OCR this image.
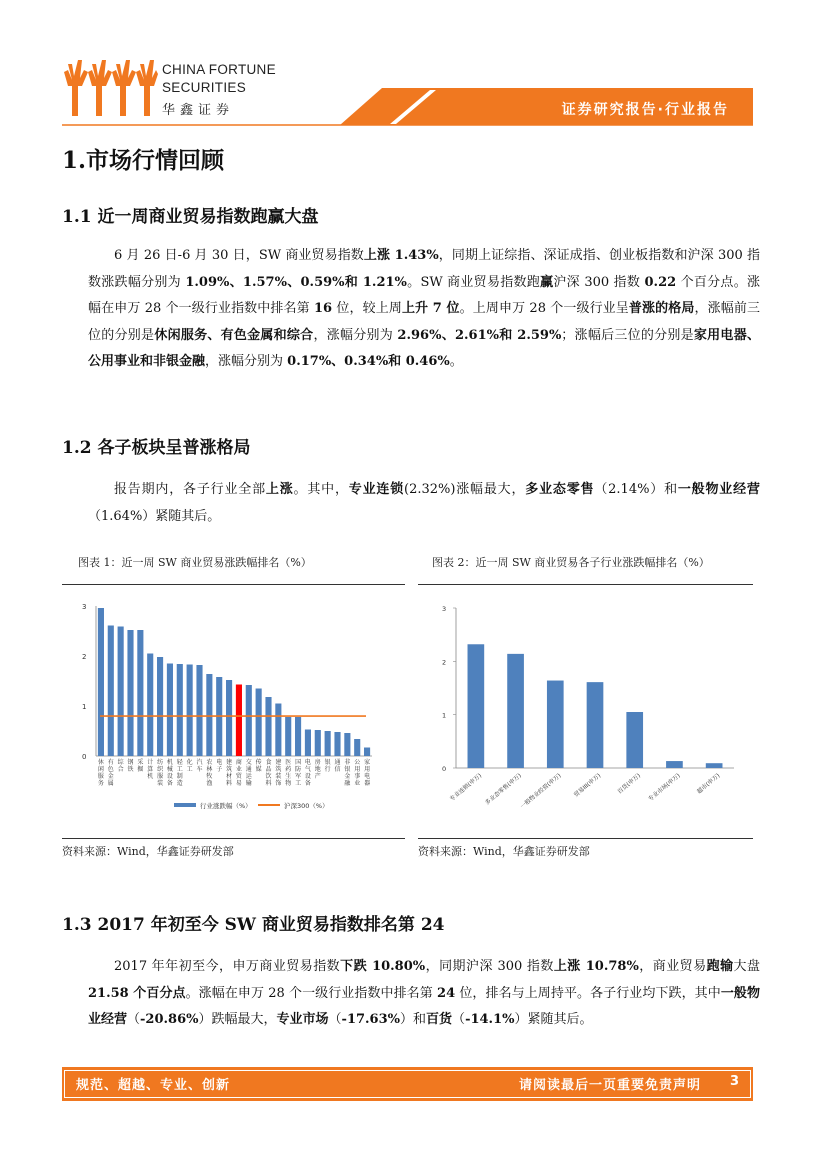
CHINA FORTUNE
SECURITIES
华鑫证券	证券研究报告·行业报告
1.市场行情回顾
1.1 近一周商业贸易指数跑赢大盘
6 月 26 日-6 月 30 日，SW 商业贸易指数上涨 1.43%，同期上证综指、深证成指、创业板指数和沪深 300 指数涨跌幅分别为 1.09%、1.57%、0.59%和 1.21%。SW 商业贸易指数跑赢沪深 300 指数 0.22 个百分点。涨幅在申万 28 个一级行业指数中排名第 16 位，较上周上升 7 位。上周申万 28 个一级行业呈普涨的格局，涨幅前三位的分别是休闲服务、有色金属和综合，涨幅分别为 2.96%、2.61%和 2.59%；涨幅后三位的分别是家用电器、公用事业和非银金融，涨幅分别为 0.17%、0.34%和 0.46%。
1.2 各子板块呈普涨格局
报告期内，各子行业全部上涨。其中，专业连锁(2.32%)涨幅最大，多业态零售（2.14%）和一般物业经营（1.64%）紧随其后。
图表 1：近一周 SW 商业贸易涨跌幅排名（%）
0
1
2
3
休闲服务
有色金属
综合
钢铁
采掘
计算机
纺织服装
机械设备
轻工制造
化工
汽车
农林牧渔
电子
建筑材料
商业贸易
交通运输
传媒
食品饮料
建筑装饰
医药生物
国防军工
电气设备
房地产
银行
通信
非银金融
公用事业
家用电器
行业涨跌幅（%）	沪深300（%）
资料来源：Wind，华鑫证券研发部
图表 2：近一周 SW 商业贸易各子行业涨跌幅排名（%）
0
1
2
3
专业连锁(申万) 多业态零售(申万)
一般物业经营(申万) 贸易III(申万)	百货(申万) 专业市场(申万)	超市(申万)
资料来源：Wind，华鑫证券研发部
1.3 2017 年初至今 SW 商业贸易指数排名第 24
2017 年年初至今，申万商业贸易指数下跌 10.80%，同期沪深 300 指数上涨 10.78%，商业贸易跑输大盘 21.58 个百分点。涨幅在申万 28 个一级行业指数中排名第 24 位，排名与上周持平。各子行业均下跌，其中一般物业经营（-20.86%）跌幅最大，专业市场（-17.63%）和百货（-14.1%）紧随其后。
规范、超越、专业、创新	请阅读最后一页重要免责声明 3
